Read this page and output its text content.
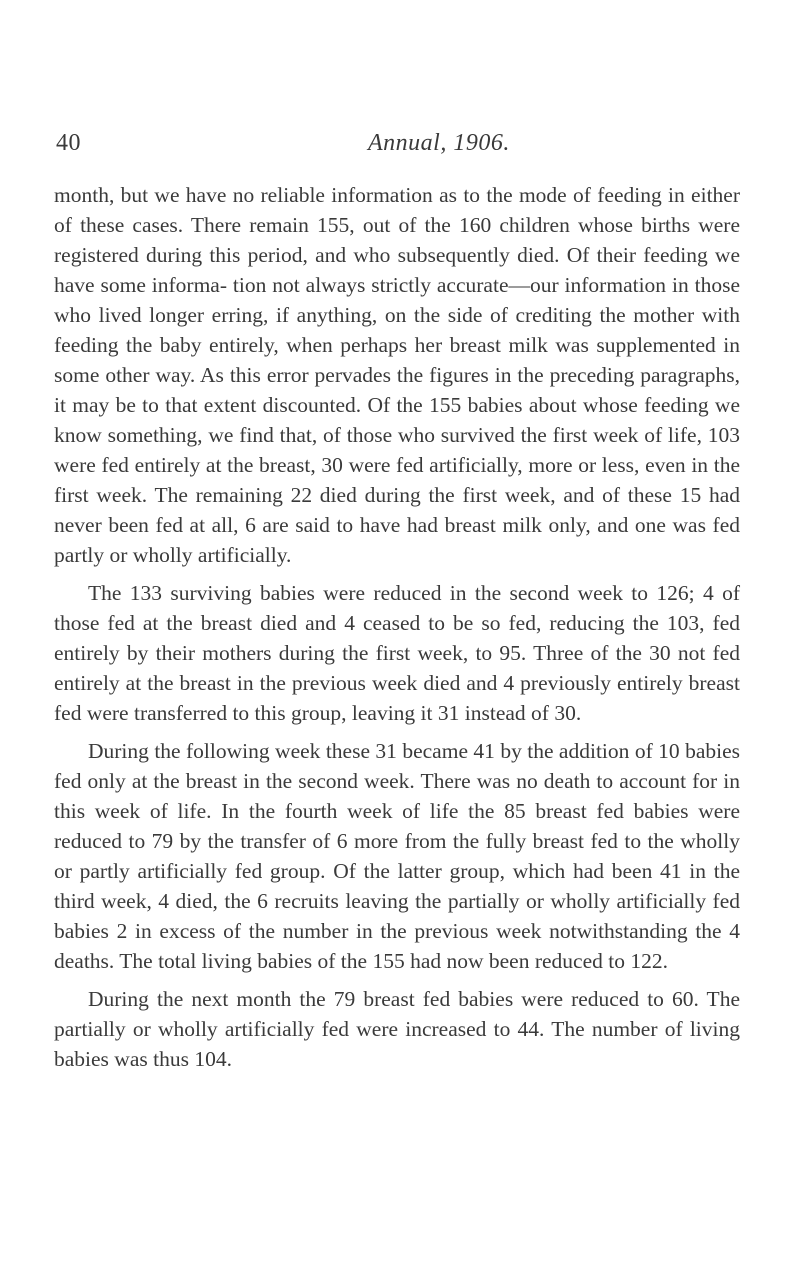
40	Annual, 1906.

month, but we have no reliable information as to the mode of feeding in either of these cases. There remain 155, out of the 160 children whose births were registered during this period, and who subsequently died. Of their feeding we have some informa- tion not always strictly accurate—our information in those who lived longer erring, if anything, on the side of crediting the mother with feeding the baby entirely, when perhaps her breast milk was supplemented in some other way. As this error pervades the figures in the preceding paragraphs, it may be to that extent discounted. Of the 155 babies about whose feeding we know something, we find that, of those who survived the first week of life, 103 were fed entirely at the breast, 30 were fed artificially, more or less, even in the first week. The remaining 22 died during the first week, and of these 15 had never been fed at all, 6 are said to have had breast milk only, and one was fed partly or wholly artificially.

The 133 surviving babies were reduced in the second week to 126; 4 of those fed at the breast died and 4 ceased to be so fed, reducing the 103, fed entirely by their mothers during the first week, to 95. Three of the 30 not fed entirely at the breast in the previous week died and 4 previously entirely breast fed were transferred to this group, leaving it 31 instead of 30.

During the following week these 31 became 41 by the addition of 10 babies fed only at the breast in the second week. There was no death to account for in this week of life. In the fourth week of life the 85 breast fed babies were reduced to 79 by the transfer of 6 more from the fully breast fed to the wholly or partly artificially fed group. Of the latter group, which had been 41 in the third week, 4 died, the 6 recruits leaving the partially or wholly artificially fed babies 2 in excess of the number in the previous week notwithstanding the 4 deaths. The total living babies of the 155 had now been reduced to 122.

During the next month the 79 breast fed babies were reduced to 60. The partially or wholly artificially fed were increased to 44. The number of living babies was thus 104.
